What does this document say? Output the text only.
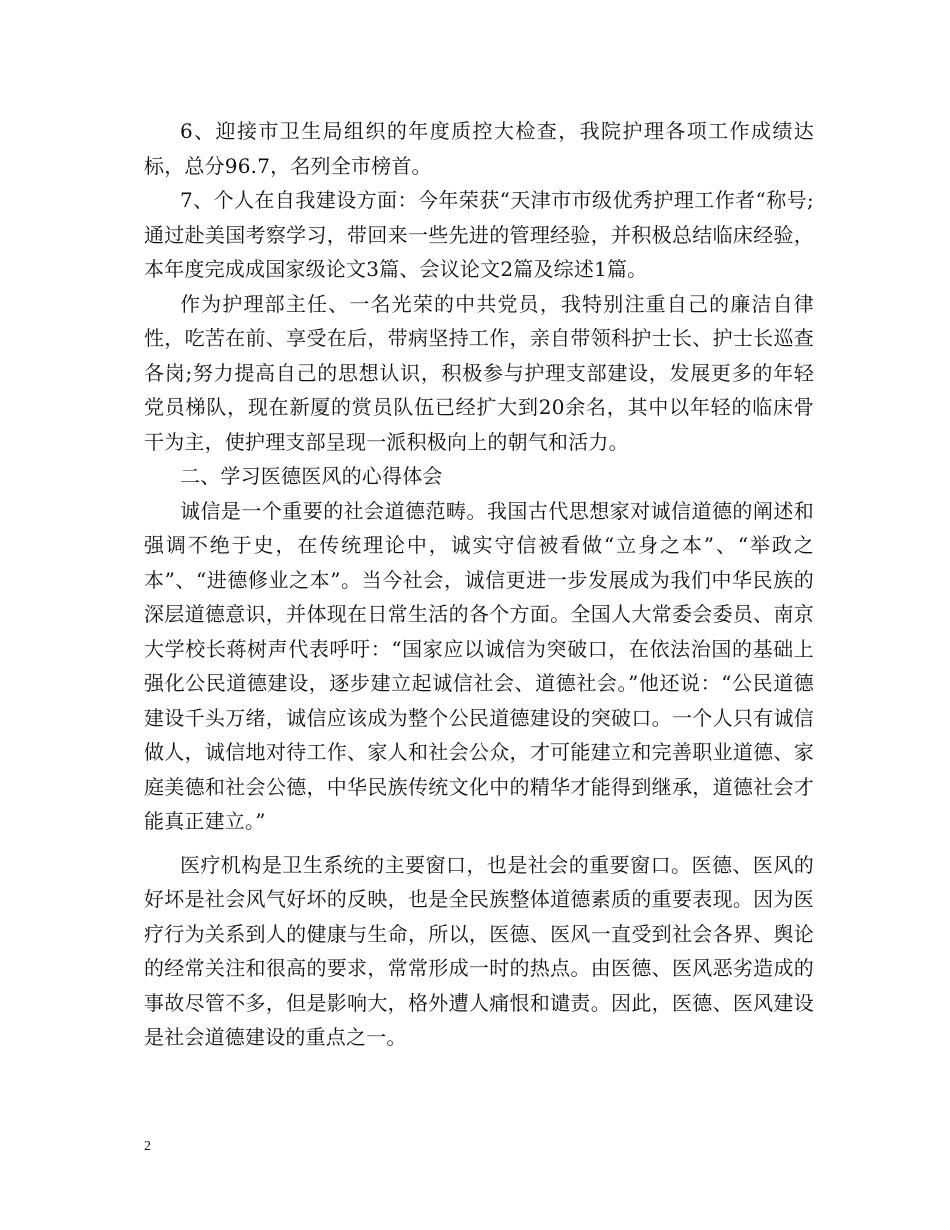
6、迎接市卫生局组织的年度质控大检查，我院护理各项工作成绩达标，总分96.7，名列全市榜首。

7、个人在自我建设方面：今年荣获“天津市市级优秀护理工作者“称号;通过赴美国考察学习，带回来一些先进的管理经验，并积极总结临床经验，本年度完成成国家级论文3篇、会议论文2篇及综述1篇。

作为护理部主任、一名光荣的中共党员，我特别注重自己的廉洁自律性，吃苦在前、享受在后，带病坚持工作，亲自带领科护士长、护士长巡查各岗;努力提高自己的思想认识，积极参与护理支部建设，发展更多的年轻党员梯队，现在新厦的赏员队伍已经扩大到20余名，其中以年轻的临床骨干为主，使护理支部呈现一派积极向上的朝气和活力。

二、学习医德医风的心得体会

诚信是一个重要的社会道德范畴。我国古代思想家对诚信道德的阐述和强调不绝于史，在传统理论中，诚实守信被看做“立身之本”、“举政之本”、“进德修业之本”。当今社会，诚信更进一步发展成为我们中华民族的深层道德意识，并体现在日常生活的各个方面。全国人大常委会委员、南京大学校长蒋树声代表呼吁：“国家应以诚信为突破口，在依法治国的基础上强化公民道德建设，逐步建立起诚信社会、道德社会。”他还说：“公民道德建设千头万绪，诚信应该成为整个公民道德建设的突破口。一个人只有诚信做人，诚信地对待工作、家人和社会公众，才可能建立和完善职业道德、家庭美德和社会公德，中华民族传统文化中的精华才能得到继承，道德社会才能真正建立。”

医疗机构是卫生系统的主要窗口，也是社会的重要窗口。医德、医风的好坏是社会风气好坏的反映，也是全民族整体道德素质的重要表现。因为医疗行为关系到人的健康与生命，所以，医德、医风一直受到社会各界、舆论的经常关注和很高的要求，常常形成一时的热点。由医德、医风恶劣造成的事故尽管不多，但是影响大，格外遭人痛恨和谴责。因此，医德、医风建设是社会道德建设的重点之一。

2
